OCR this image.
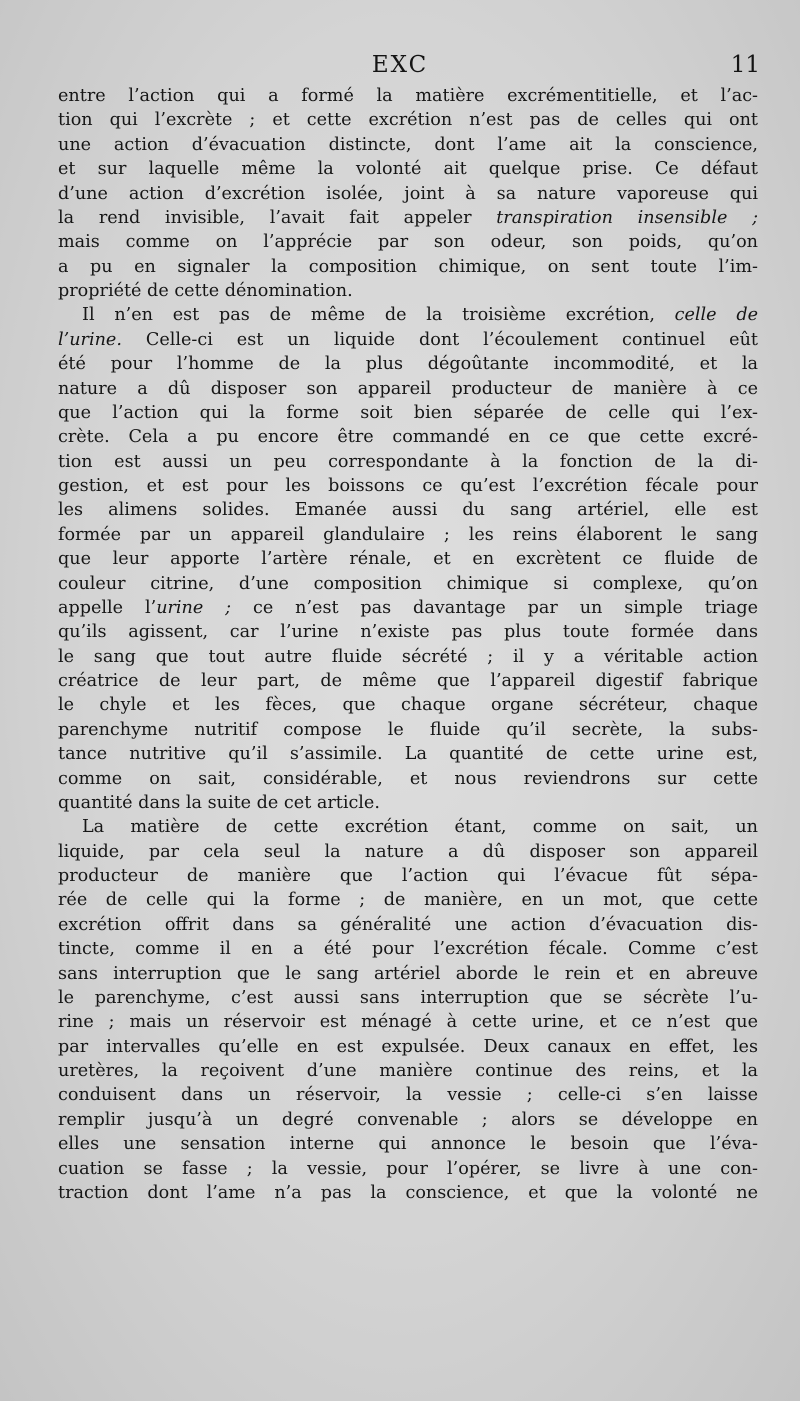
EXC	11
entre l’action qui a formé la matière excrémentitielle, et l’ac-
tion qui l’excrète ; et cette excrétion n’est pas de celles qui ont
une action d’évacuation distincte, dont l’ame ait la conscience,
et sur laquelle même la volonté ait quelque prise. Ce défaut
d’une action d’excrétion isolée, joint à sa nature vaporeuse qui
la rend invisible, l’avait fait appeler transpiration insensible ;
mais comme on l’apprécie par son odeur, son poids, qu’on
a pu en signaler la composition chimique, on sent toute l’im-
propriété de cette dénomination.
Il n’en est pas de même de la troisième excrétion, celle de
l’urine. Celle-ci est un liquide dont l’écoulement continuel eût
été pour l’homme de la plus dégoûtante incommodité, et la
nature a dû disposer son appareil producteur de manière à ce
que l’action qui la forme soit bien séparée de celle qui l’ex-
crète. Cela a pu encore être commandé en ce que cette excré-
tion est aussi un peu correspondante à la fonction de la di-
gestion, et est pour les boissons ce qu’est l’excrétion fécale pour
les alimens solides. Emanée aussi du sang artériel, elle est
formée par un appareil glandulaire ; les reins élaborent le sang
que leur apporte l’artère rénale, et en excrètent ce fluide de
couleur citrine, d’une composition chimique si complexe, qu’on
appelle l’urine ; ce n’est pas davantage par un simple triage
qu’ils agissent, car l’urine n’existe pas plus toute formée dans
le sang que tout autre fluide sécrété ; il y a véritable action
créatrice de leur part, de même que l’appareil digestif fabrique
le chyle et les fèces, que chaque organe sécréteur, chaque
parenchyme nutritif compose le fluide qu’il secrète, la subs-
tance nutritive qu’il s’assimile. La quantité de cette urine est,
comme on sait, considérable, et nous reviendrons sur cette
quantité dans la suite de cet article.
La matière de cette excrétion étant, comme on sait, un
liquide, par cela seul la nature a dû disposer son appareil
producteur de manière que l’action qui l’évacue fût sépa-
rée de celle qui la forme ; de manière, en un mot, que cette
excrétion offrit dans sa généralité une action d’évacuation dis-
tincte, comme il en a été pour l’excrétion fécale. Comme c’est
sans interruption que le sang artériel aborde le rein et en abreuve
le parenchyme, c’est aussi sans interruption que se sécrète l’u-
rine ; mais un réservoir est ménagé à cette urine, et ce n’est que
par intervalles qu’elle en est expulsée. Deux canaux en effet, les
uretères, la reçoivent d’une manière continue des reins, et la
conduisent dans un réservoir, la vessie ; celle-ci s’en laisse
remplir jusqu’à un degré convenable ; alors se développe en
elles une sensation interne qui annonce le besoin que l’éva-
cuation se fasse ; la vessie, pour l’opérer, se livre à une con-
traction dont l’ame n’a pas la conscience, et que la volonté ne
